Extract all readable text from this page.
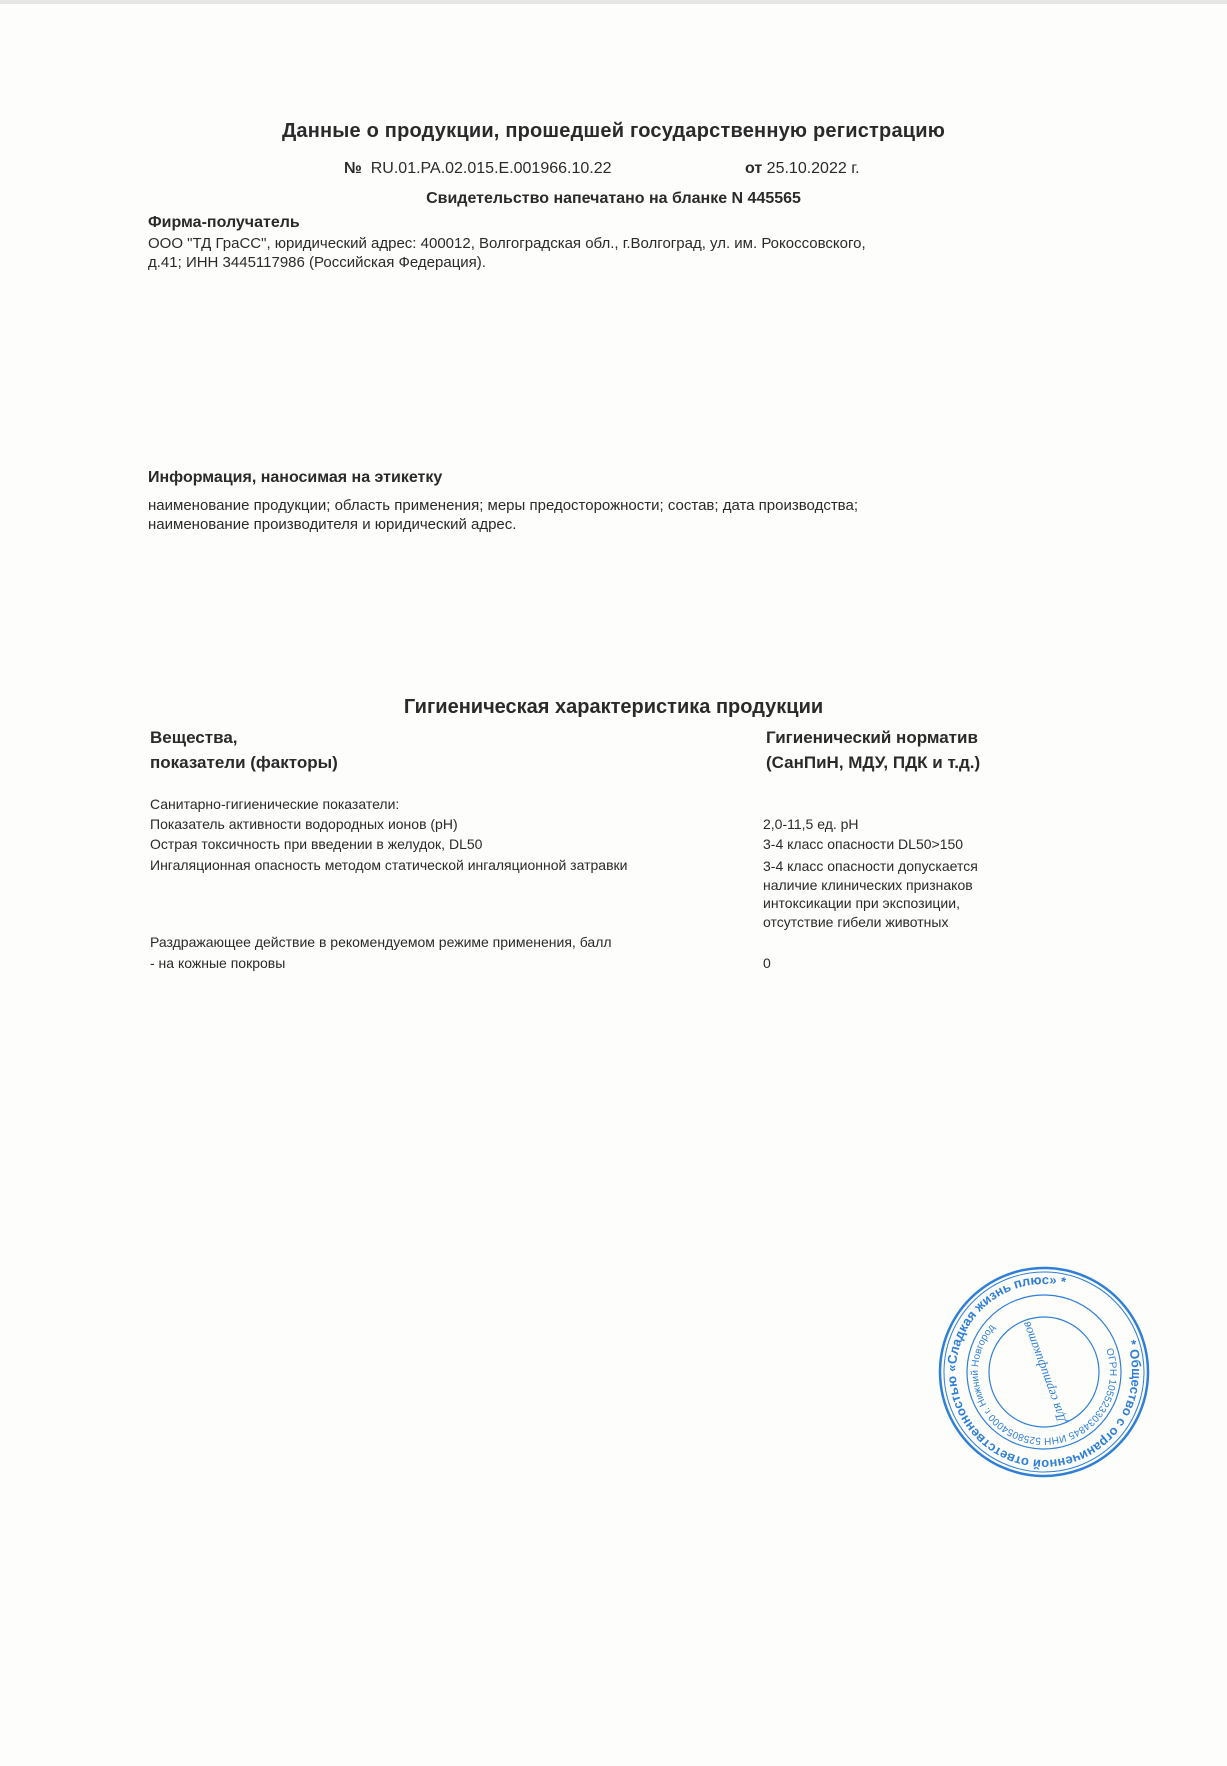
Данные о продукции, прошедшей государственную регистрацию
№ RU.01.PA.02.015.E.001966.10.22	от 25.10.2022 г.
Свидетельство напечатано на бланке N 445565
Фирма-получатель
ООО "ТД ГраСС", юридический адрес: 400012, Волгоградская обл., г.Волгоград, ул. им. Рокоссовского,
д.41; ИНН 3445117986 (Российская Федерация).
Информация, наносимая на этикетку
наименование продукции; область применения; меры предосторожности; состав; дата производства;
наименование производителя и юридический адрес.
Гигиеническая характеристика продукции
Вещества,
показатели (факторы)
Гигиенический норматив
(СанПиН, МДУ, ПДК и т.д.)
Санитарно-гигиенические показатели:
Показатель активности водородных ионов (pH)	2,0-11,5 ед. pH
Острая токсичность при введении в желудок, DL50	3-4 класс опасности DL50>150
Ингаляционная опасность методом статической ингаляционной затравки	3-4 класс опасности допускается
наличие клинических признаков
интоксикации при экспозиции,
отсутствие гибели животных
Раздражающее действие в рекомендуемом режиме применения, балл
- на кожные покровы	0
* Общество с ограниченной ответственностью «Сладкая жизнь плюс» *
ОГРН 1055233034845 ИНН 5258054000 г. Нижний Новгород	Для сертификатов
